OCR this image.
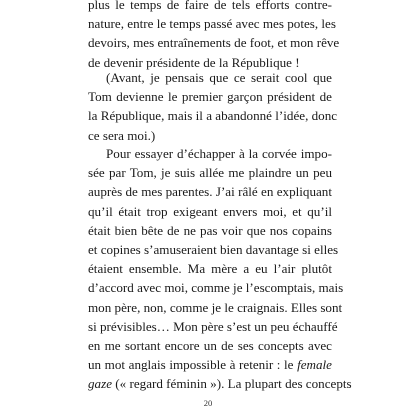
plus le temps de faire de tels efforts contre-
nature, entre le temps passé avec mes potes, les
devoirs, mes entraînements de foot, et mon rêve
de devenir présidente de la République !
(Avant, je pensais que ce serait cool que
Tom devienne le premier garçon président de
la République, mais il a abandonné l’idée, donc
ce sera moi.)
Pour essayer d’échapper à la corvée impo-
sée par Tom, je suis allée me plaindre un peu
auprès de mes parentes. J’ai râlé en expliquant
qu’il était trop exigeant envers moi, et qu’il
était bien bête de ne pas voir que nos copains
et copines s’amuseraient bien davantage si elles
étaient ensemble. Ma mère a eu l’air plutôt
d’accord avec moi, comme je l’escomptais, mais
mon père, non, comme je le craignais. Elles sont
si prévisibles… Mon père s’est un peu échauffé
en me sortant encore un de ses concepts avec
un mot anglais impossible à retenir : le female
gaze (« regard féminin »). La plupart des concepts
20
